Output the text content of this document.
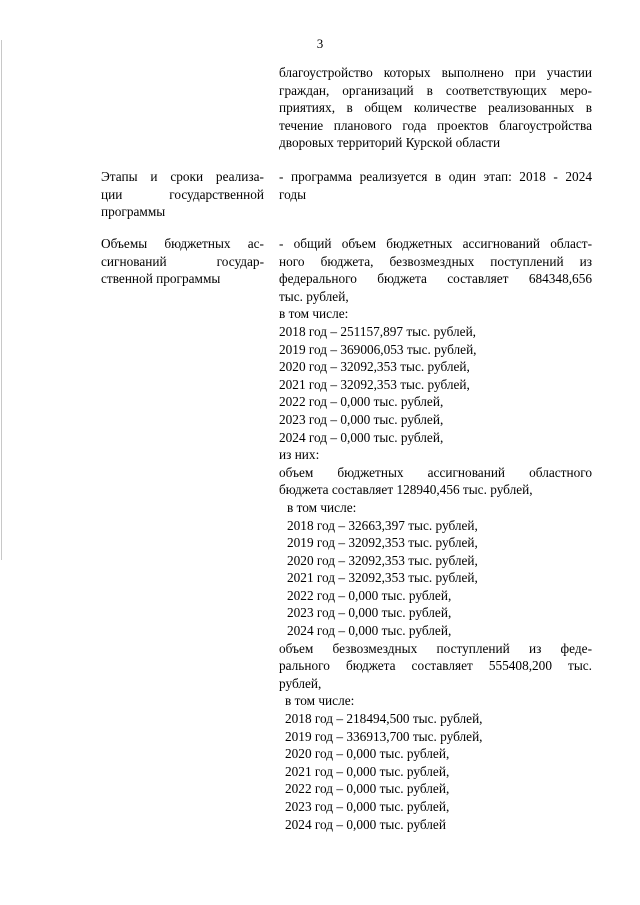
3
благоустройство которых выполнено при участии
граждан, организаций в соответствующих меро-
приятиях, в общем количестве реализованных в
течение планового года проектов благоустройства
дворовых территорий Курской области
Этапы и сроки реализа-
ции государственной
программы
- программа реализуется в один этап: 2018 - 2024
годы
Объемы бюджетных ас-
сигнований государ-
ственной программы
- общий объем бюджетных ассигнований област-
ного бюджета, безвозмездных поступлений из
федерального бюджета составляет 684348,656
тыс. рублей,
в том числе:
2018 год – 251157,897 тыс. рублей,
2019 год – 369006,053 тыс. рублей,
2020 год – 32092,353 тыс. рублей,
2021 год – 32092,353 тыс. рублей,
2022 год – 0,000 тыс. рублей,
2023 год – 0,000 тыс. рублей,
2024 год – 0,000 тыс. рублей,
из них:
объем бюджетных ассигнований областного
бюджета составляет 128940,456 тыс. рублей,
в том числе:
2018 год – 32663,397 тыс. рублей,
2019 год – 32092,353 тыс. рублей,
2020 год – 32092,353 тыс. рублей,
2021 год – 32092,353 тыс. рублей,
2022 год – 0,000 тыс. рублей,
2023 год – 0,000 тыс. рублей,
2024 год – 0,000 тыс. рублей,
объем безвозмездных поступлений из феде-
рального бюджета составляет 555408,200 тыс.
рублей,
в том числе:
2018 год – 218494,500 тыс. рублей,
2019 год – 336913,700 тыс. рублей,
2020 год – 0,000 тыс. рублей,
2021 год – 0,000 тыс. рублей,
2022 год – 0,000 тыс. рублей,
2023 год – 0,000 тыс. рублей,
2024 год – 0,000 тыс. рублей
